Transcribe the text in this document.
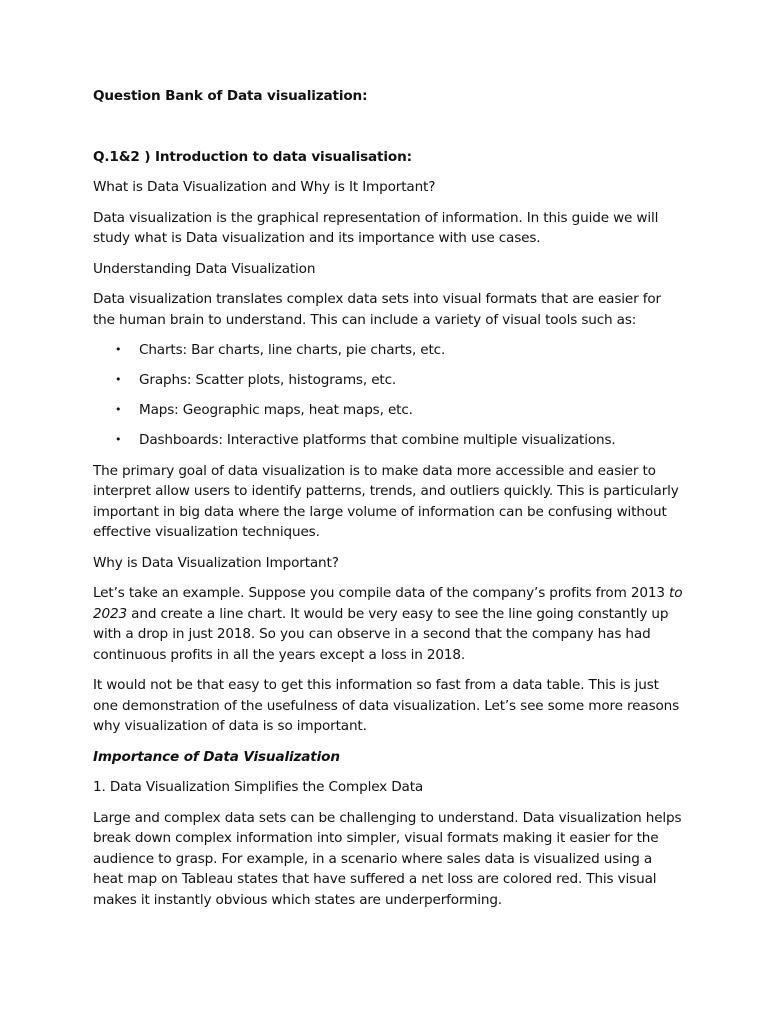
Question Bank of Data visualization:

Q.1&2 ) Introduction to data visualisation:

What is Data Visualization and Why is It Important?

Data visualization is the graphical representation of information. In this guide we will study what is Data visualization and its importance with use cases.

Understanding Data Visualization

Data visualization translates complex data sets into visual formats that are easier for the human brain to understand. This can include a variety of visual tools such as:

• Charts: Bar charts, line charts, pie charts, etc.
• Graphs: Scatter plots, histograms, etc.
• Maps: Geographic maps, heat maps, etc.
• Dashboards: Interactive platforms that combine multiple visualizations.

The primary goal of data visualization is to make data more accessible and easier to interpret allow users to identify patterns, trends, and outliers quickly. This is particularly important in big data where the large volume of information can be confusing without effective visualization techniques.

Why is Data Visualization Important?

Let’s take an example. Suppose you compile data of the company’s profits from 2013 to 2023 and create a line chart. It would be very easy to see the line going constantly up with a drop in just 2018. So you can observe in a second that the company has had continuous profits in all the years except a loss in 2018.

It would not be that easy to get this information so fast from a data table. This is just one demonstration of the usefulness of data visualization. Let’s see some more reasons why visualization of data is so important.

Importance of Data Visualization

1. Data Visualization Simplifies the Complex Data

Large and complex data sets can be challenging to understand. Data visualization helps break down complex information into simpler, visual formats making it easier for the audience to grasp. For example, in a scenario where sales data is visualized using a heat map on Tableau states that have suffered a net loss are colored red. This visual makes it instantly obvious which states are underperforming.
